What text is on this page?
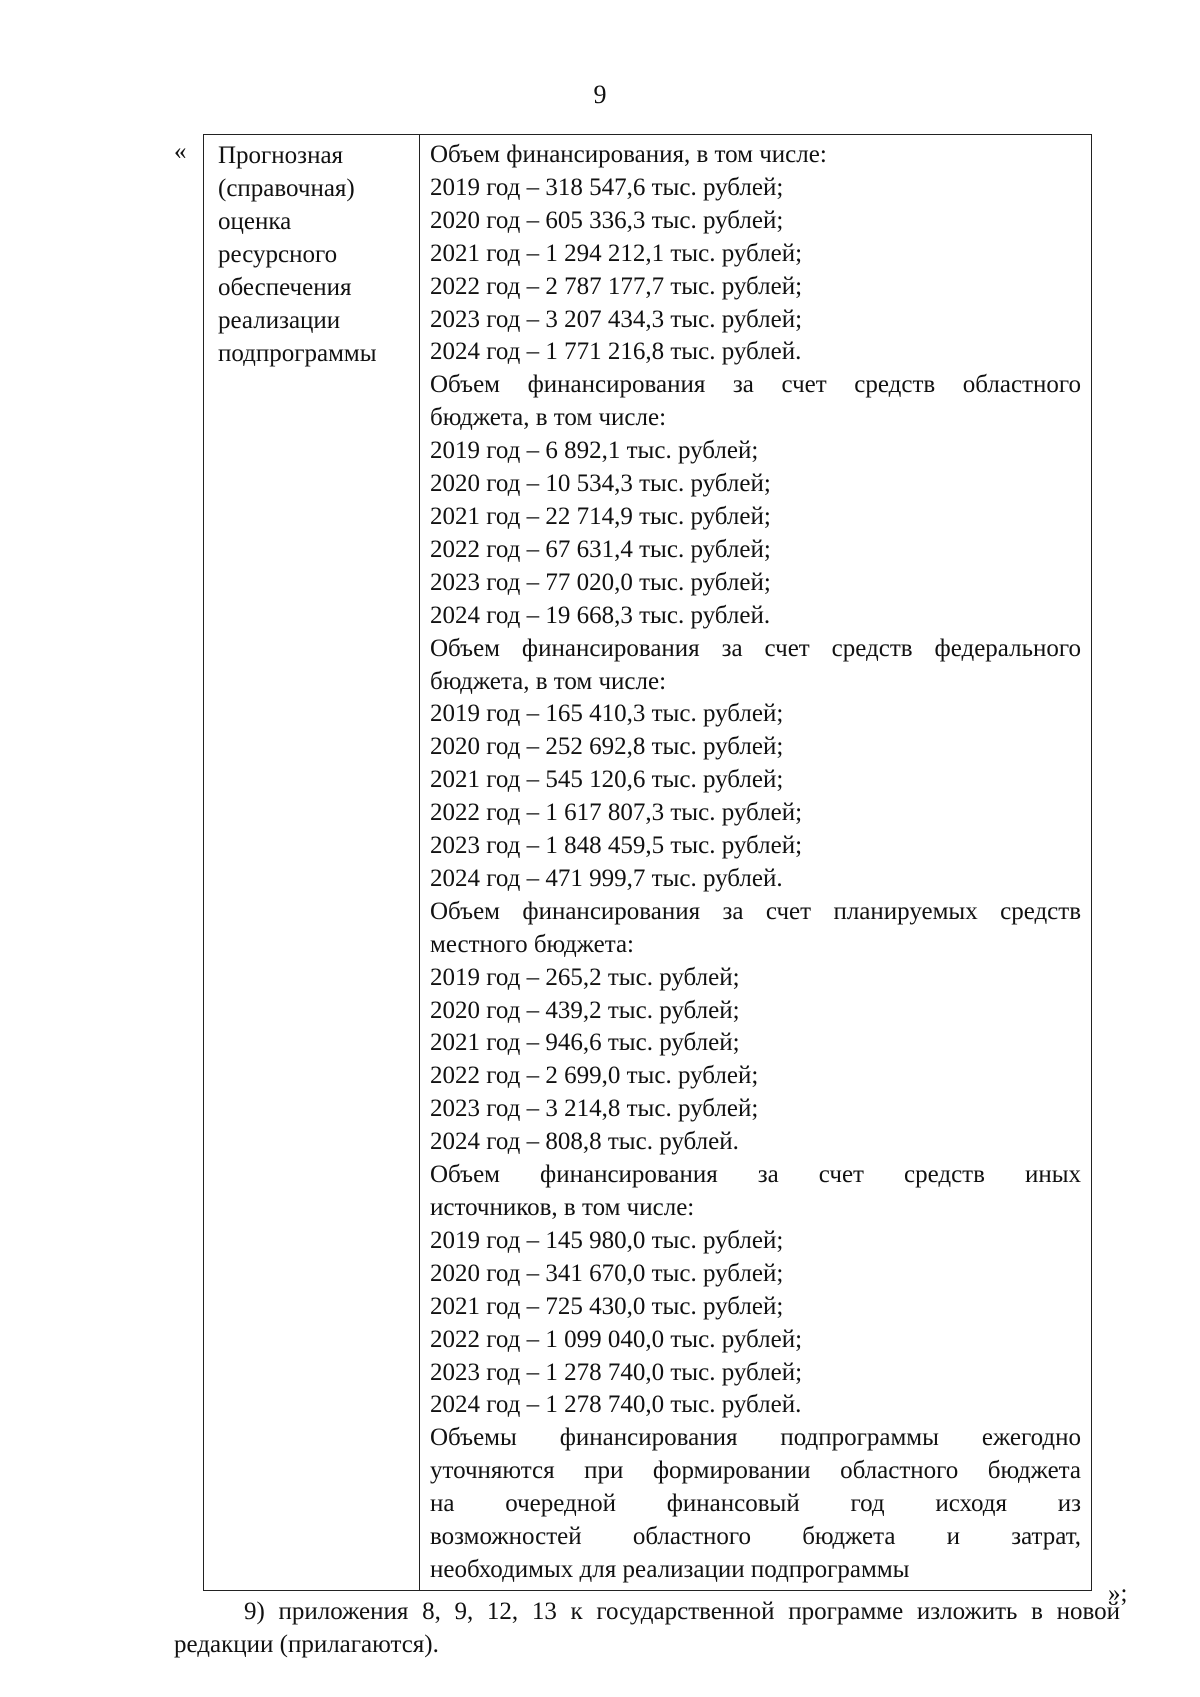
9
« Прогнозная
(справочная)
оценка
ресурсного
обеспечения
реализации
подпрограммы
Объем финансирования, в том числе:
2019 год – 318 547,6 тыс. рублей;
2020 год – 605 336,3 тыс. рублей;
2021 год – 1 294 212,1 тыс. рублей;
2022 год – 2 787 177,7 тыс. рублей;
2023 год – 3 207 434,3 тыс. рублей;
2024 год – 1 771 216,8 тыс. рублей.
Объем финансирования за счет средств областного
бюджета, в том числе:
2019 год – 6 892,1 тыс. рублей;
2020 год – 10 534,3 тыс. рублей;
2021 год – 22 714,9 тыс. рублей;
2022 год – 67 631,4 тыс. рублей;
2023 год – 77 020,0 тыс. рублей;
2024 год – 19 668,3 тыс. рублей.
Объем финансирования за счет средств федерального
бюджета, в том числе:
2019 год – 165 410,3 тыс. рублей;
2020 год – 252 692,8 тыс. рублей;
2021 год – 545 120,6 тыс. рублей;
2022 год – 1 617 807,3 тыс. рублей;
2023 год – 1 848 459,5 тыс. рублей;
2024 год – 471 999,7 тыс. рублей.
Объем финансирования за счет планируемых средств
местного бюджета:
2019 год – 265,2 тыс. рублей;
2020 год – 439,2 тыс. рублей;
2021 год – 946,6 тыс. рублей;
2022 год – 2 699,0 тыс. рублей;
2023 год – 3 214,8 тыс. рублей;
2024 год – 808,8 тыс. рублей.
Объем финансирования за счет средств иных
источников, в том числе:
2019 год – 145 980,0 тыс. рублей;
2020 год – 341 670,0 тыс. рублей;
2021 год – 725 430,0 тыс. рублей;
2022 год – 1 099 040,0 тыс. рублей;
2023 год – 1 278 740,0 тыс. рублей;
2024 год – 1 278 740,0 тыс. рублей.
Объемы финансирования подпрограммы ежегодно
уточняются при формировании областного бюджета
на очередной финансовый год исходя из
возможностей областного бюджета и затрат,
необходимых для реализации подпрограммы
»;
9) приложения 8, 9, 12, 13 к государственной программе изложить в новой редакции (прилагаются).
